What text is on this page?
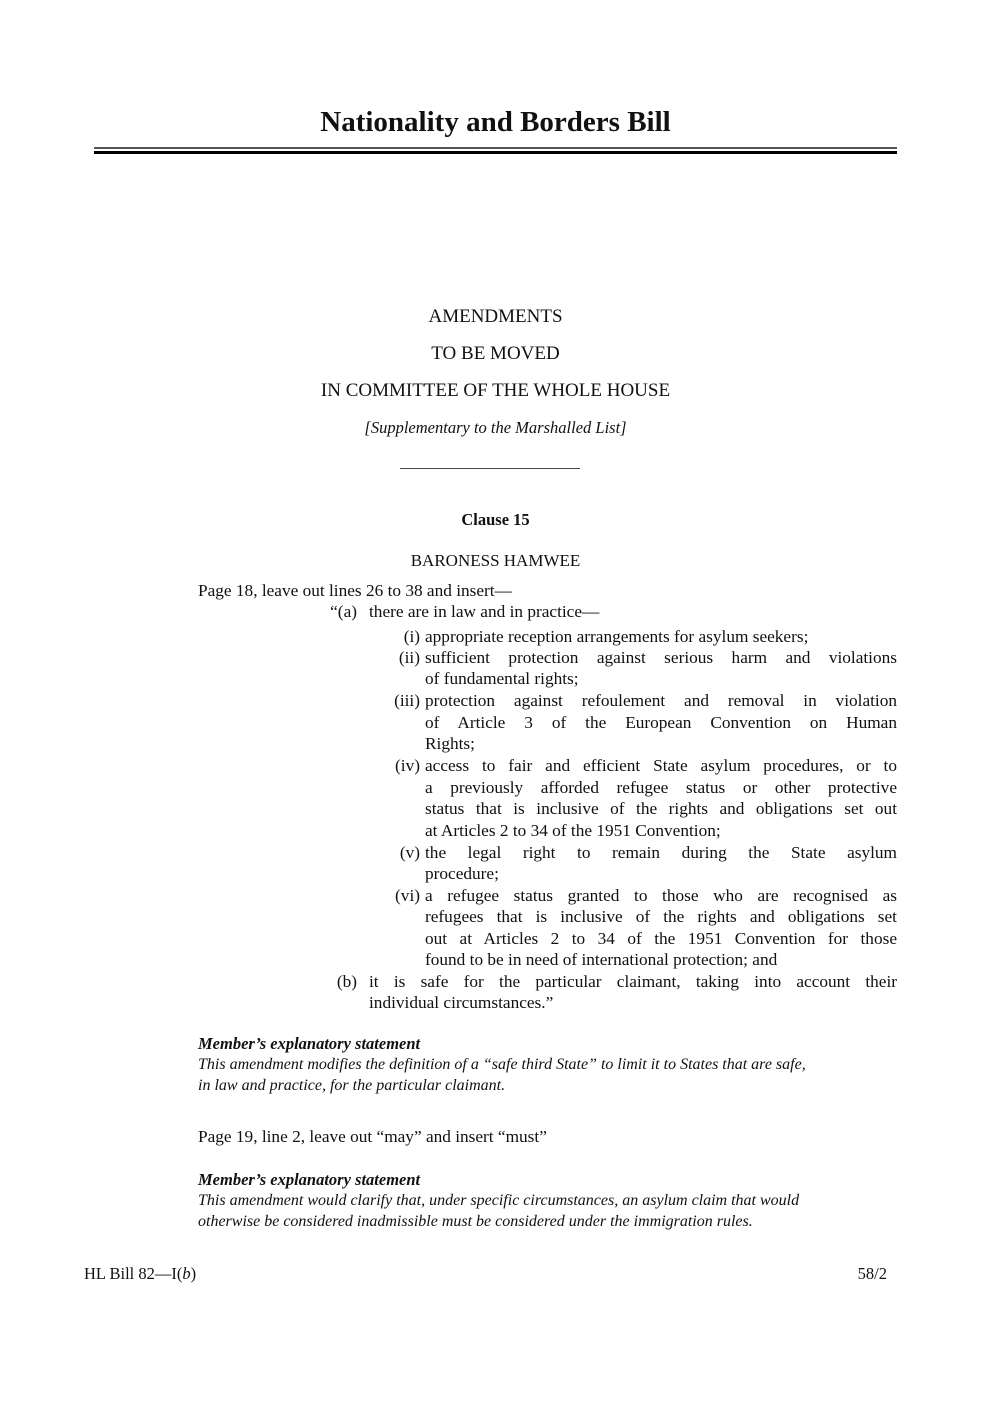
Nationality and Borders Bill
AMENDMENTS
TO BE MOVED
IN COMMITTEE OF THE WHOLE HOUSE
[Supplementary to the Marshalled List]
Clause 15
BARONESS HAMWEE
Page 18, leave out lines 26 to 38 and insert—
“(a) there are in law and in practice—
(i) appropriate reception arrangements for asylum seekers;
(ii) sufficient protection against serious harm and violations
of fundamental rights;
(iii) protection against refoulement and removal in violation
of Article 3 of the European Convention on Human
Rights;
(iv) access to fair and efficient State asylum procedures, or to
a previously afforded refugee status or other protective
status that is inclusive of the rights and obligations set out
at Articles 2 to 34 of the 1951 Convention;
(v) the legal right to remain during the State asylum
procedure;
(vi) a refugee status granted to those who are recognised as
refugees that is inclusive of the rights and obligations set
out at Articles 2 to 34 of the 1951 Convention for those
found to be in need of international protection; and
(b) it is safe for the particular claimant, taking into account their
individual circumstances.”
Member’s explanatory statement
This amendment modifies the definition of a “safe third State” to limit it to States that are safe,
in law and practice, for the particular claimant.
Page 19, line 2, leave out “may” and insert “must”
Member’s explanatory statement
This amendment would clarify that, under specific circumstances, an asylum claim that would
otherwise be considered inadmissible must be considered under the immigration rules.
HL Bill 82—I(b)	58/2
